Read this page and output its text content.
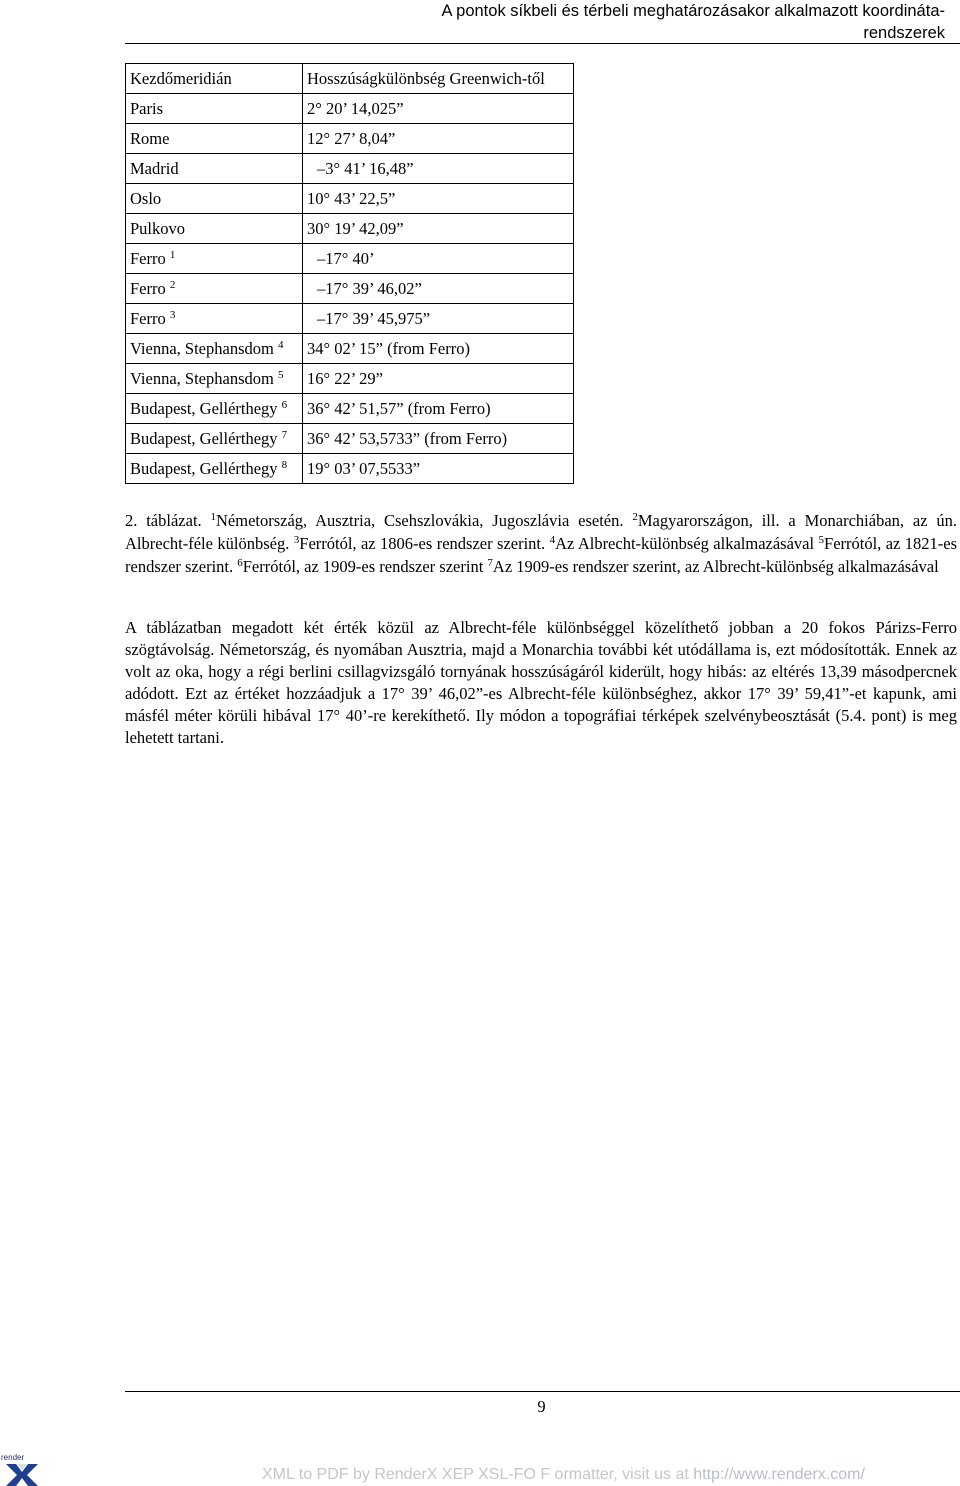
A pontok síkbeli és térbeli meghatározásakor alkalmazott koordináta-
rendszerek
Kezdőmeridián	Hosszúságkülönbség Greenwich-től
Paris	2° 20’ 14,025”
Rome	12° 27’ 8,04”
Madrid	–3° 41’ 16,48”
Oslo	10° 43’ 22,5”
Pulkovo	30° 19’ 42,09”
Ferro $^1$	–17° 40’
Ferro $^2$	–17° 39’ 46,02”
Ferro $^3$	–17° 39’ 45,975”
Vienna, Stephansdom $^4$	34° 02’ 15” (from Ferro)
Vienna, Stephansdom $^5$	16° 22’ 29”
Budapest, Gellérthegy $^6$	36° 42’ 51,57” (from Ferro)
Budapest, Gellérthegy $^7$	36° 42’ 53,5733” (from Ferro)
Budapest, Gellérthegy $^8$	19° 03’ 07,5533”
2. táblázat. $^1$Németország, Ausztria, Csehszlovákia, Jugoszlávia esetén. $^2$Magyarországon, ill. a Monarchiában, az ún. Albrecht-féle különbség. $^3$Ferrótól, az 1806-es rendszer szerint. $^4$Az Albrecht-különbség alkalmazásával $^5$Ferrótól, az 1821-es rendszer szerint. $^6$Ferrótól, az 1909-es rendszer szerint $^7$Az 1909-es rendszer szerint, az Albrecht-különbség alkalmazásával
A táblázatban megadott két érték közül az Albrecht-féle különbséggel közelíthető jobban a 20 fokos Párizs-Ferro szögtávolság. Németország, és nyomában Ausztria, majd a Monarchia további két utódállama is, ezt módosították. Ennek az volt az oka, hogy a régi berlini csillagvizsgáló tornyának hosszúságáról kiderült, hogy hibás: az eltérés 13,39 másodpercnek adódott. Ezt az értéket hozzáadjuk a 17° 39’ 46,02”-es Albrecht-féle különbséghez, akkor 17° 39’ 59,41”-et kapunk, ami másfél méter körüli hibával 17° 40’-re kerekíthető. Ily módon a topográfiai térképek szelvénybeosztását (5.4. pont) is meg lehetett tartani.
9
render
XML to PDF by RenderX XEP XSL-FO F ormatter, visit us at http://www.renderx.com/
